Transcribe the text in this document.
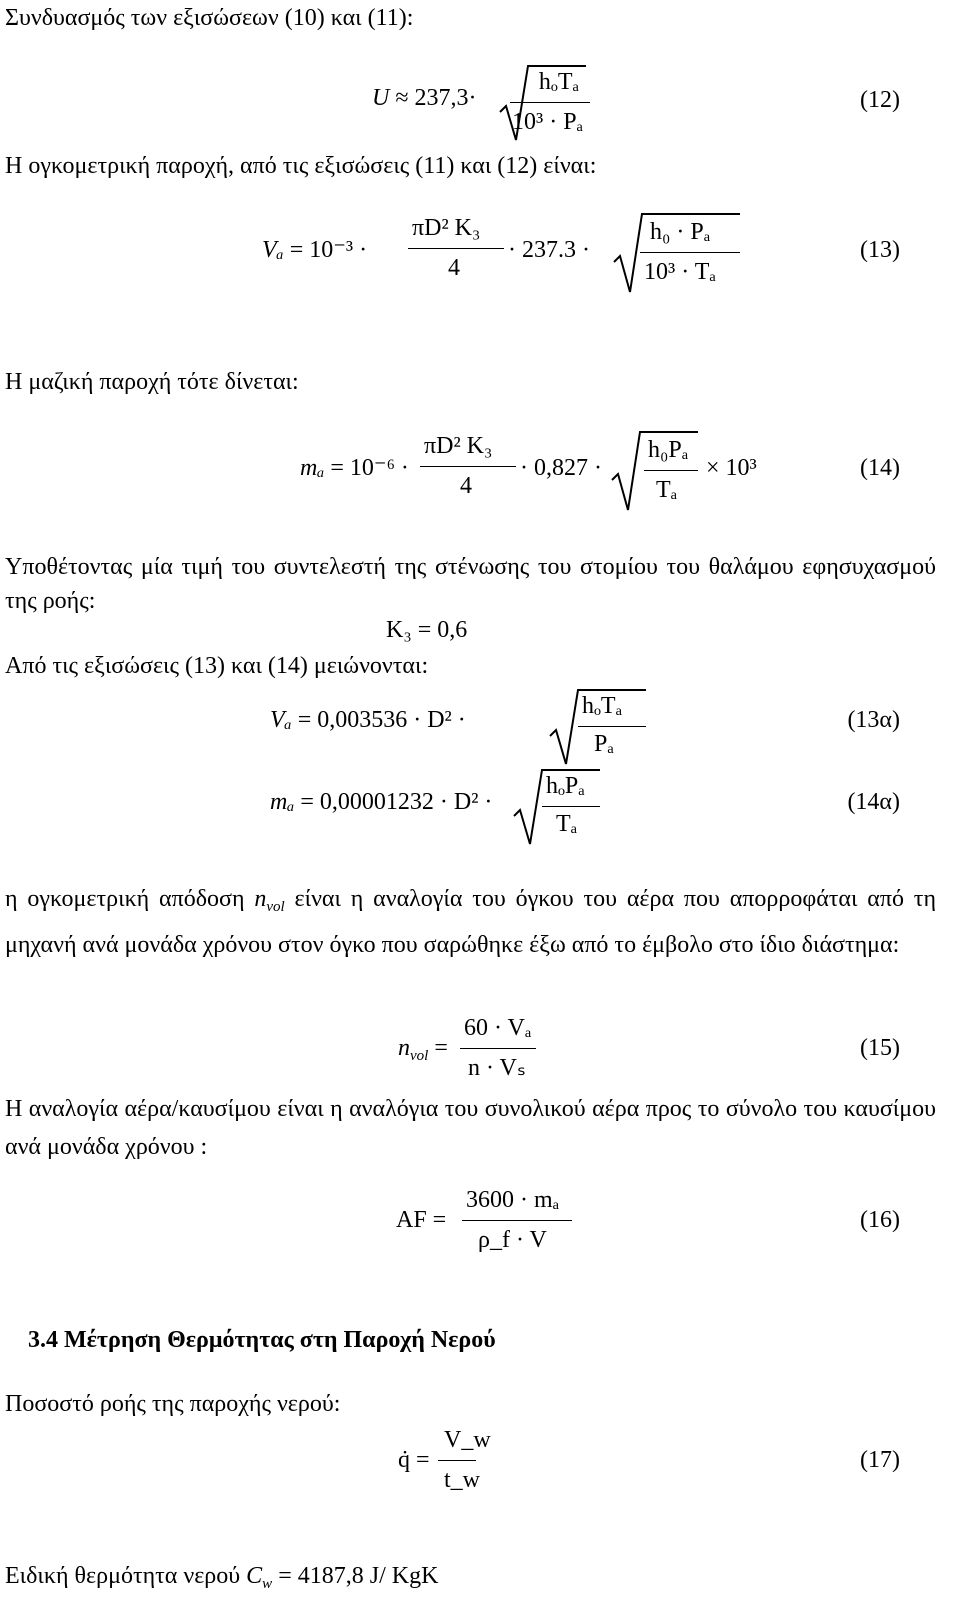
Συνδυασμός των εξισώσεων (10) και (11):
U ≈ 237,3·
hₒTₐ
10³ · Pₐ
(12)
Η ογκομετρική παροχή, από τις εξισώσεις (11) και (12) είναι:
Vₐ = 10⁻³ ·
πD² K₃
4
· 237.3 ·
h₀ · Pₐ
10³ · Tₐ
(13)
Η μαζική παροχή τότε δίνεται:
mₐ = 10⁻⁶ ·
πD² K₃
4
· 0,827 ·
h₀Pₐ
Tₐ
× 10³	(14)
Υποθέτοντας μία τιμή του συντελεστή της στένωσης του στομίου του θαλάμου εφησυχασμού της ροής:
K₃ = 0,6
Από τις εξισώσεις (13) και (14) μειώνονται:
Vₐ = 0,003536 · D² ·
hₒTₐ
Pₐ
(13α)
mₐ = 0,00001232 · D² ·
hₒPₐ
Tₐ
(14α)
η ογκομετρική απόδοση $n_{vol}$ είναι η αναλογία του όγκου του αέρα που απορροφάται από τη μηχανή ανά μονάδα χρόνου στον όγκο που σαρώθηκε έξω από το έμβολο στο ίδιο διάστημα:
$n_{vol}$ =
60 · Vₐ
n · Vₛ
(15)
Η αναλογία αέρα/καυσίμου είναι η αναλόγια του συνολικού αέρα προς το σύνολο του καυσίμου ανά μονάδα χρόνου :
AF =
3600 · mₐ
ρ_f · V
(16)
3.4 Μέτρηση Θερμότητας στη Παροχή Νερού
Ποσοστό ροής της παροχής νερού:
q̇ =
V_w
t_w
(17)
Ειδική θερμότητα νερού $C_w = 4187,8$ J/ KgK
